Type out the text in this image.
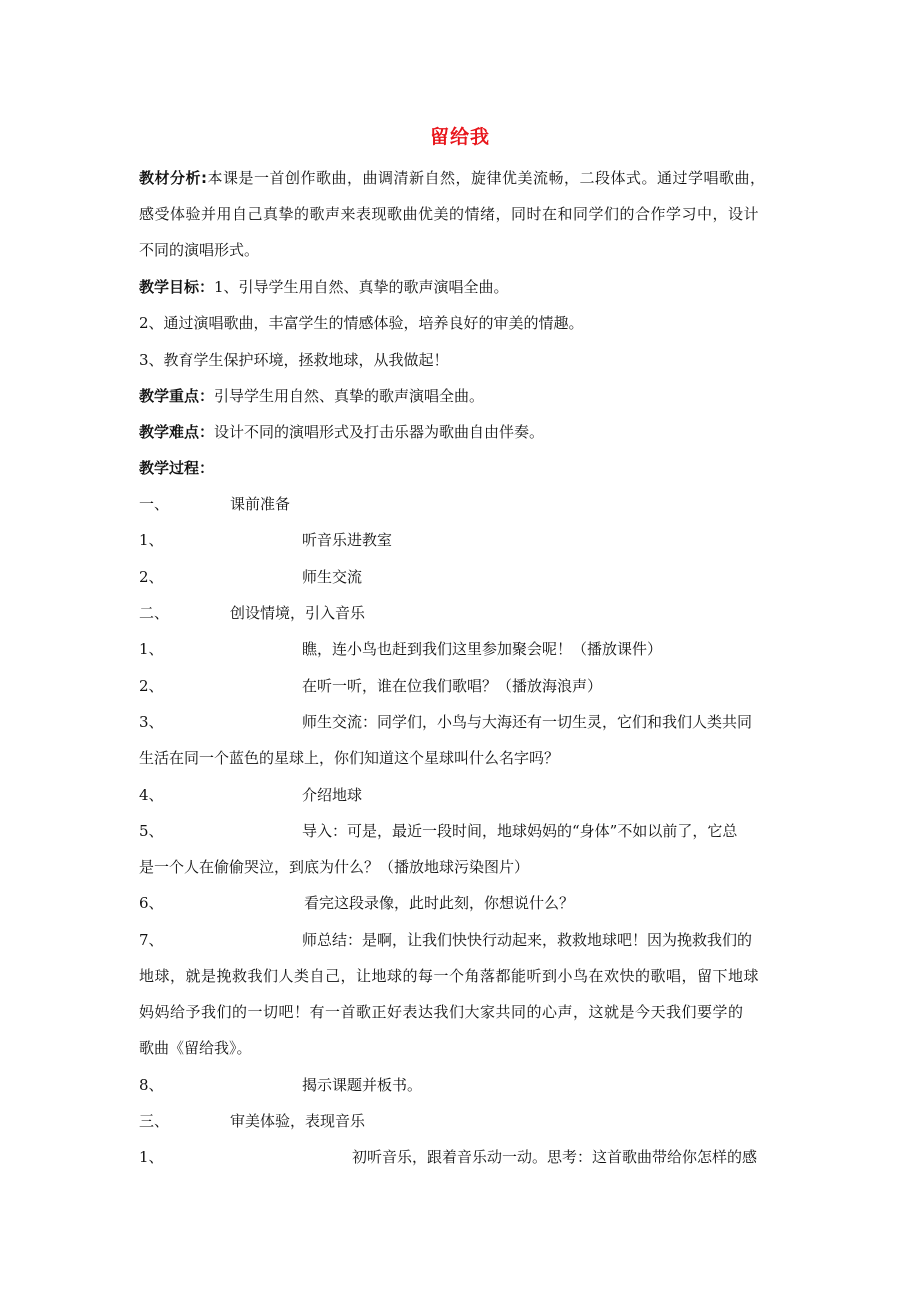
留给我
教材分析:本课是一首创作歌曲，曲调清新自然，旋律优美流畅，二段体式。通过学唱歌曲，
感受体验并用自己真挚的歌声来表现歌曲优美的情绪，同时在和同学们的合作学习中，设计
不同的演唱形式。
教学目标：1、引导学生用自然、真挚的歌声演唱全曲。
2、通过演唱歌曲，丰富学生的情感体验，培养良好的审美的情趣。
3、教育学生保护环境，拯救地球，从我做起！
教学重点：引导学生用自然、真挚的歌声演唱全曲。
教学难点：设计不同的演唱形式及打击乐器为歌曲自由伴奏。
教学过程：
一、	课前准备
1、	听音乐进教室
2、	师生交流
二、	创设情境，引入音乐
1、	瞧，连小鸟也赶到我们这里参加聚会呢！（播放课件）
2、	在听一听，谁在位我们歌唱？（播放海浪声）
3、	师生交流：同学们，小鸟与大海还有一切生灵，它们和我们人类共同
生活在同一个蓝色的星球上，你们知道这个星球叫什么名字吗？
4、	介绍地球
5、	导入：可是，最近一段时间，地球妈妈的“身体”不如以前了，它总
是一个人在偷偷哭泣，到底为什么？（播放地球污染图片）
6、	看完这段录像，此时此刻，你想说什么？
7、	师总结：是啊，让我们快快行动起来，救救地球吧！因为挽救我们的
地球，就是挽救我们人类自己，让地球的每一个角落都能听到小鸟在欢快的歌唱，留下地球
妈妈给予我们的一切吧！有一首歌正好表达我们大家共同的心声，这就是今天我们要学的
歌曲《留给我》。
8、	揭示课题并板书。
三、	审美体验，表现音乐
1、	初听音乐，跟着音乐动一动。思考：这首歌曲带给你怎样的感
